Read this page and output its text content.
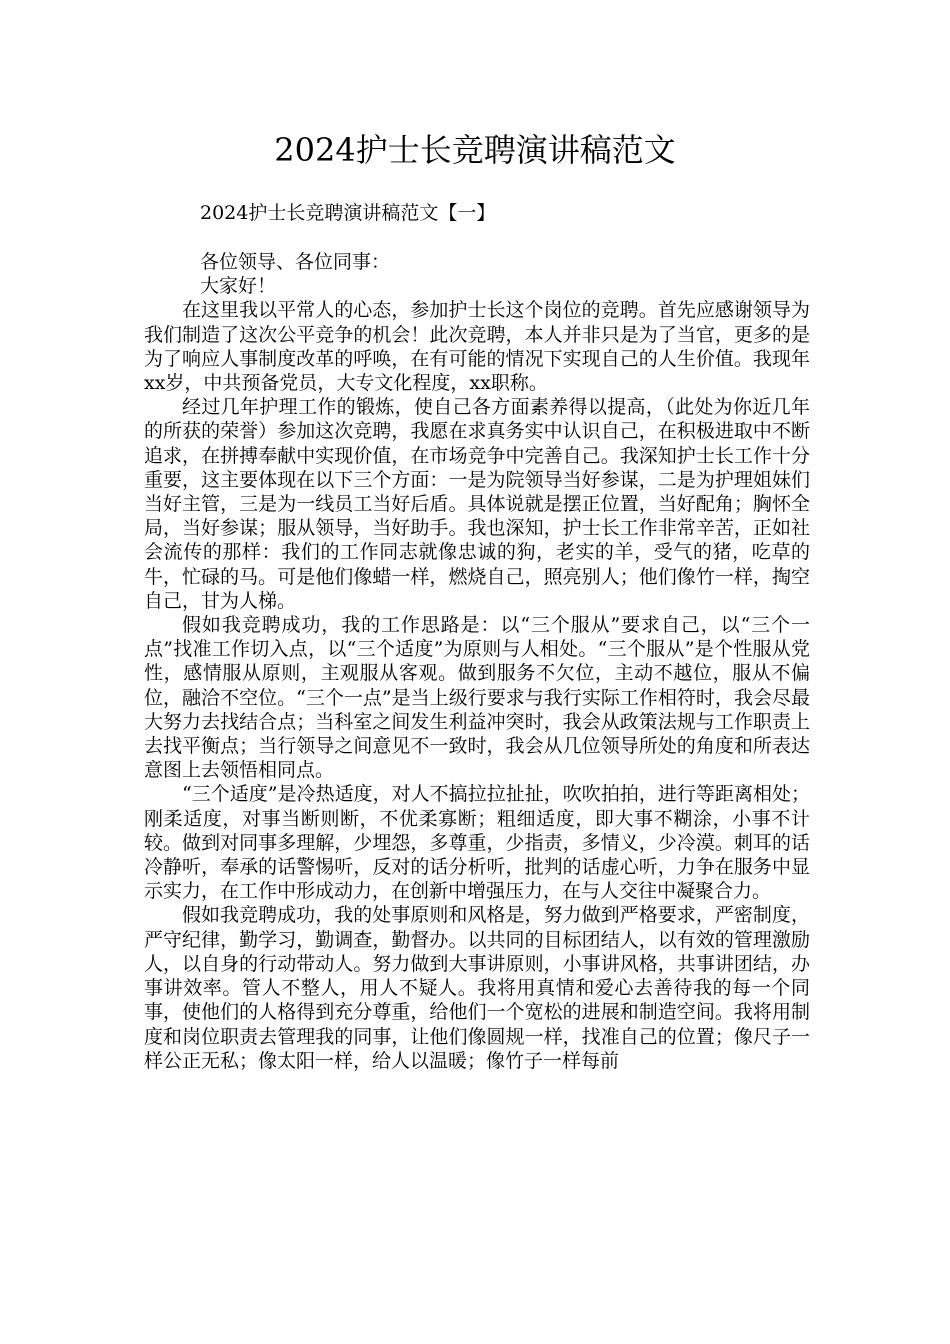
2024护士长竞聘演讲稿范文

2024护士长竞聘演讲稿范文【一】

各位领导、各位同事：

大家好！

在这里我以平常人的心态，参加护士长这个岗位的竞聘。首先应感谢领导为我们制造了这次公平竞争的机会！此次竞聘，本人并非只是为了当官，更多的是为了响应人事制度改革的呼唤，在有可能的情况下实现自己的人生价值。我现年xx岁，中共预备党员，大专文化程度，xx职称。

经过几年护理工作的锻炼，使自己各方面素养得以提高，（此处为你近几年的所获的荣誉）参加这次竞聘，我愿在求真务实中认识自己，在积极进取中不断追求，在拼搏奉献中实现价值，在市场竞争中完善自己。我深知护士长工作十分重要，这主要体现在以下三个方面：一是为院领导当好参谋，二是为护理姐妹们当好主管，三是为一线员工当好后盾。具体说就是摆正位置，当好配角；胸怀全局，当好参谋；服从领导，当好助手。我也深知，护士长工作非常辛苦，正如社会流传的那样：我们的工作同志就像忠诚的狗，老实的羊，受气的猪，吃草的牛，忙碌的马。可是他们像蜡一样，燃烧自己，照亮别人；他们像竹一样，掏空自己，甘为人梯。

假如我竞聘成功，我的工作思路是：以“三个服从”要求自己，以“三个一点”找准工作切入点，以“三个适度”为原则与人相处。“三个服从”是个性服从党性，感情服从原则，主观服从客观。做到服务不欠位，主动不越位，服从不偏位，融洽不空位。“三个一点”是当上级行要求与我行实际工作相符时，我会尽最大努力去找结合点；当科室之间发生利益冲突时，我会从政策法规与工作职责上去找平衡点；当行领导之间意见不一致时，我会从几位领导所处的角度和所表达意图上去领悟相同点。

“三个适度”是冷热适度，对人不搞拉拉扯扯，吹吹拍拍，进行等距离相处；刚柔适度，对事当断则断，不优柔寡断；粗细适度，即大事不糊涂，小事不计较。做到对同事多理解，少埋怨，多尊重，少指责，多情义，少冷漠。刺耳的话冷静听，奉承的话警惕听，反对的话分析听，批判的话虚心听，力争在服务中显示实力，在工作中形成动力，在创新中增强压力，在与人交往中凝聚合力。

假如我竞聘成功，我的处事原则和风格是，努力做到严格要求，严密制度，严守纪律，勤学习，勤调查，勤督办。以共同的目标团结人，以有效的管理激励人，以自身的行动带动人。努力做到大事讲原则，小事讲风格，共事讲团结，办事讲效率。管人不整人，用人不疑人。我将用真情和爱心去善待我的每一个同事，使他们的人格得到充分尊重，给他们一个宽松的进展和制造空间。我将用制度和岗位职责去管理我的同事，让他们像圆规一样，找准自己的位置；像尺子一样公正无私；像太阳一样，给人以温暖；像竹子一样每前
